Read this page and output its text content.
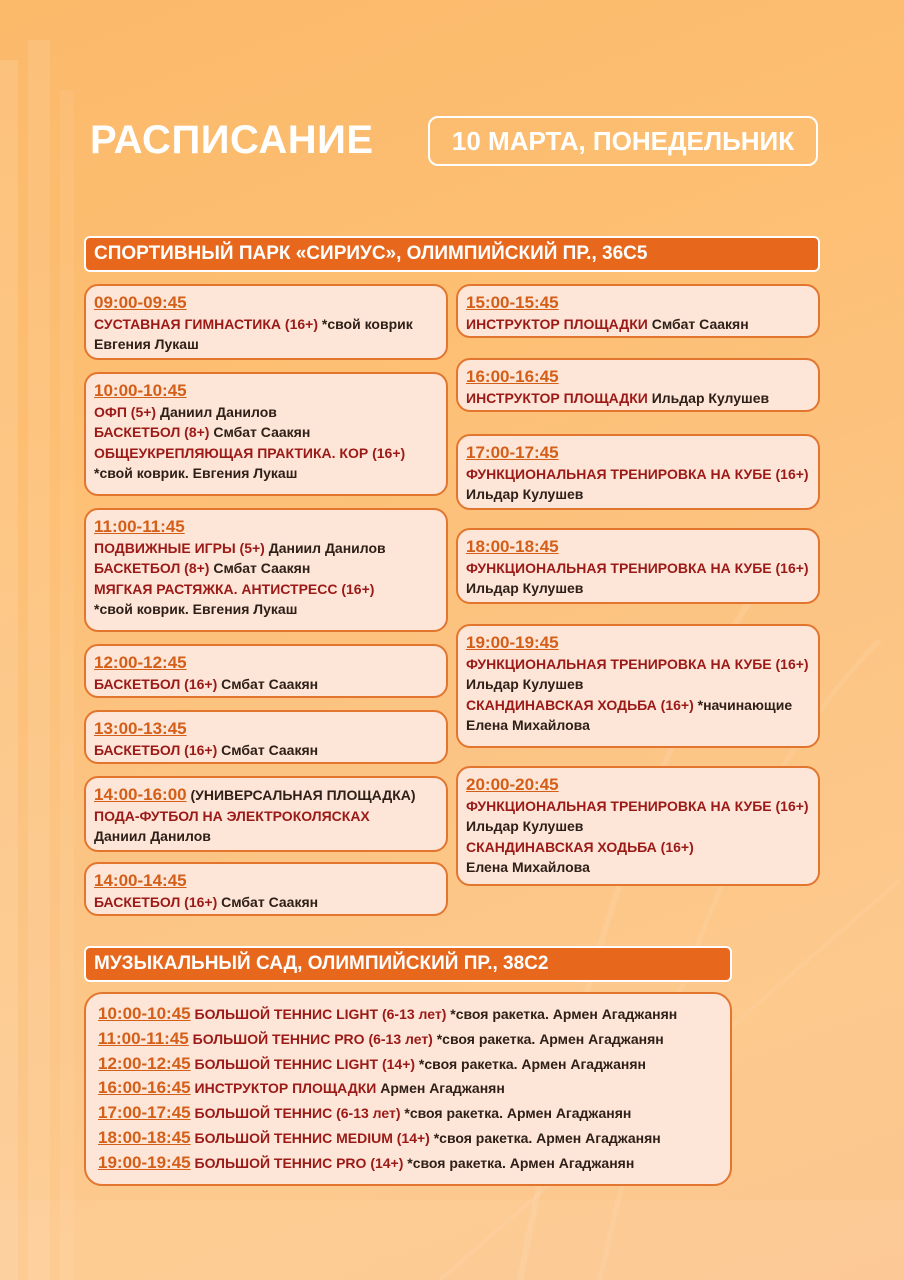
РАСПИСАНИЕ	10 МАРТА, ПОНЕДЕЛЬНИК
СПОРТИВНЫЙ ПАРК «СИРИУС», ОЛИМПИЙСКИЙ ПР., 36С5
09:00-09:45
СУСТАВНАЯ ГИМНАСТИКА (16+) *свой коврик
Евгения Лукаш
10:00-10:45
ОФП (5+) Даниил Данилов
БАСКЕТБОЛ (8+) Смбат Саакян
ОБЩЕУКРЕПЛЯЮЩАЯ ПРАКТИКА. КОР (16+)
*свой коврик. Евгения Лукаш
11:00-11:45
ПОДВИЖНЫЕ ИГРЫ (5+) Даниил Данилов
БАСКЕТБОЛ (8+) Смбат Саакян
МЯГКАЯ РАСТЯЖКА. АНТИСТРЕСС (16+)
*свой коврик. Евгения Лукаш
12:00-12:45
БАСКЕТБОЛ (16+) Смбат Саакян
13:00-13:45
БАСКЕТБОЛ (16+) Смбат Саакян
14:00-16:00 (УНИВЕРСАЛЬНАЯ ПЛОЩАДКА)
ПОДА-ФУТБОЛ НА ЭЛЕКТРОКОЛЯСКАХ
Даниил Данилов
14:00-14:45
БАСКЕТБОЛ (16+) Смбат Саакян
15:00-15:45
ИНСТРУКТОР ПЛОЩАДКИ Смбат Саакян
16:00-16:45
ИНСТРУКТОР ПЛОЩАДКИ Ильдар Кулушев
17:00-17:45
ФУНКЦИОНАЛЬНАЯ ТРЕНИРОВКА НА КУБЕ (16+)
Ильдар Кулушев
18:00-18:45
ФУНКЦИОНАЛЬНАЯ ТРЕНИРОВКА НА КУБЕ (16+)
Ильдар Кулушев
19:00-19:45
ФУНКЦИОНАЛЬНАЯ ТРЕНИРОВКА НА КУБЕ (16+)
Ильдар Кулушев
СКАНДИНАВСКАЯ ХОДЬБА (16+) *начинающие
Елена Михайлова
20:00-20:45
ФУНКЦИОНАЛЬНАЯ ТРЕНИРОВКА НА КУБЕ (16+)
Ильдар Кулушев
СКАНДИНАВСКАЯ ХОДЬБА (16+)
Елена Михайлова
МУЗЫКАЛЬНЫЙ САД, ОЛИМПИЙСКИЙ ПР., 38С2
10:00-10:45 БОЛЬШОЙ ТЕННИС LIGHT (6-13 лет) *своя ракетка. Армен Агаджанян
11:00-11:45 БОЛЬШОЙ ТЕННИС PRO (6-13 лет) *своя ракетка. Армен Агаджанян
12:00-12:45 БОЛЬШОЙ ТЕННИС LIGHT (14+) *своя ракетка. Армен Агаджанян
16:00-16:45 ИНСТРУКТОР ПЛОЩАДКИ Армен Агаджанян
17:00-17:45 БОЛЬШОЙ ТЕННИС (6-13 лет) *своя ракетка. Армен Агаджанян
18:00-18:45 БОЛЬШОЙ ТЕННИС MEDIUM (14+) *своя ракетка. Армен Агаджанян
19:00-19:45 БОЛЬШОЙ ТЕННИС PRO (14+) *своя ракетка. Армен Агаджанян
